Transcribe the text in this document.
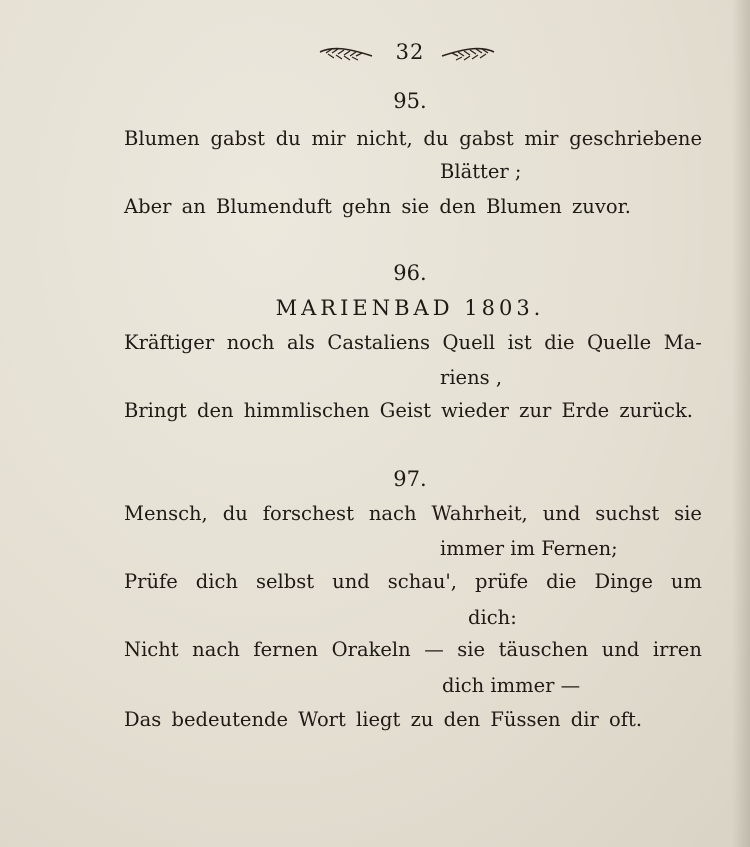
32
95.
Blumen gabst du mir nicht, du gabst mir geschriebene
Blätter ;
Aber an Blumenduft gehn sie den Blumen zuvor.
96.
MARIENBAD 1803.
Kräftiger noch als Castaliens Quell ist die Quelle Ma-
riens ,
Bringt den himmlischen Geist wieder zur Erde zurück.
97.
Mensch, du forschest nach Wahrheit, und suchst sie
immer im Fernen;
Prüfe dich selbst und schau', prüfe die Dinge um
dich:
Nicht nach fernen Orakeln — sie täuschen und irren
dich immer —
Das bedeutende Wort liegt zu den Füssen dir oft.
